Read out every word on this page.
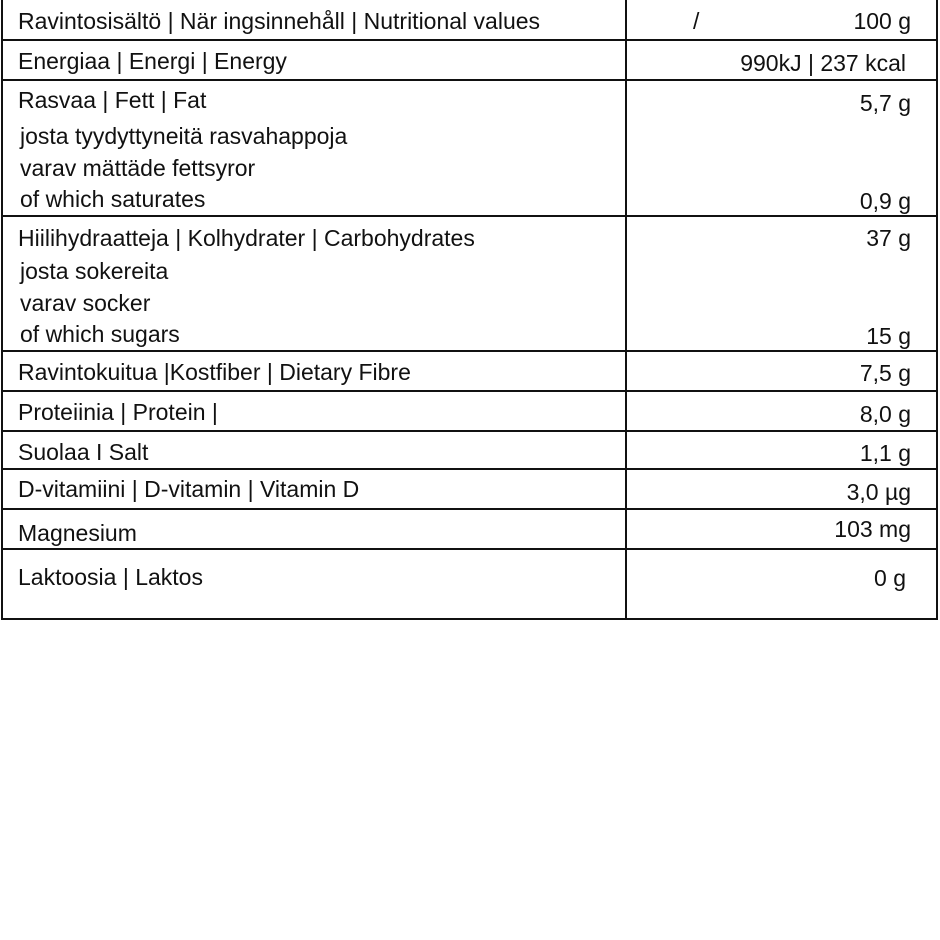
Ravintosisältö | När ingsinnehåll | Nutritional values	/	100 g
Energiaa | Energi | Energy	990kJ | 237 kcal
Rasvaa | Fett | Fat	5,7 g
josta tyydyttyneitä rasvahappoja
varav mättäde fettsyror
of which saturates	0,9 g
Hiilihydraatteja | Kolhydrater | Carbohydrates	37 g
josta sokereita
varav socker
of which sugars	15 g
Ravintokuitua |Kostfiber | Dietary Fibre	7,5 g
Proteiinia | Protein |	8,0 g
Suolaa I Salt	1,1 g
D-vitamiini | D-vitamin | Vitamin D	3,0 µg
Magnesium	103 mg
Laktoosia | Laktos	0 g
